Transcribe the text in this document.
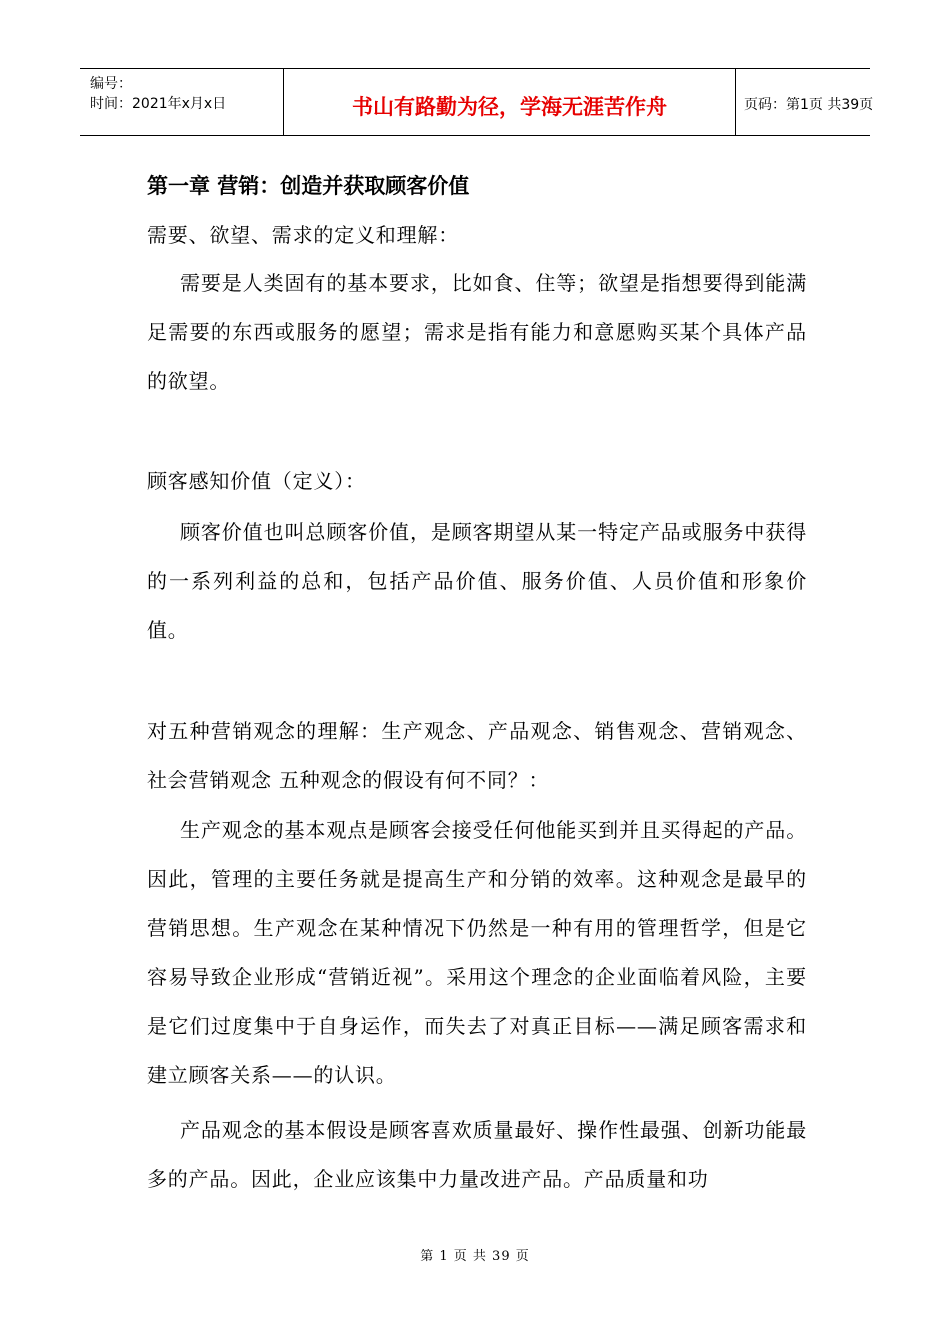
编号：
时间：2021年x月x日	书山有路勤为径，学海无涯苦作舟	页码：第1页 共39页
第一章 营销：创造并获取顾客价值
需要、欲望、需求的定义和理解：
需要是人类固有的基本要求，比如食、住等；欲望是指想要得到能满足需要的东西或服务的愿望；需求是指有能力和意愿购买某个具体产品的欲望。
顾客感知价值（定义）：
顾客价值也叫总顾客价值，是顾客期望从某一特定产品或服务中获得的一系列利益的总和，包括产品价值、服务价值、人员价值和形象价值。
对五种营销观念的理解：生产观念、产品观念、销售观念、营销观念、社会营销观念 五种观念的假设有何不同？：
生产观念的基本观点是顾客会接受任何他能买到并且买得起的产品。因此，管理的主要任务就是提高生产和分销的效率。这种观念是最早的营销思想。生产观念在某种情况下仍然是一种有用的管理哲学，但是它容易导致企业形成“营销近视”。采用这个理念的企业面临着风险，主要是它们过度集中于自身运作，而失去了对真正目标——满足顾客需求和建立顾客关系——的认识。
产品观念的基本假设是顾客喜欢质量最好、操作性最强、创新功能最多的产品。因此，企业应该集中力量改进产品。产品质量和功
第 1 页 共 39 页
